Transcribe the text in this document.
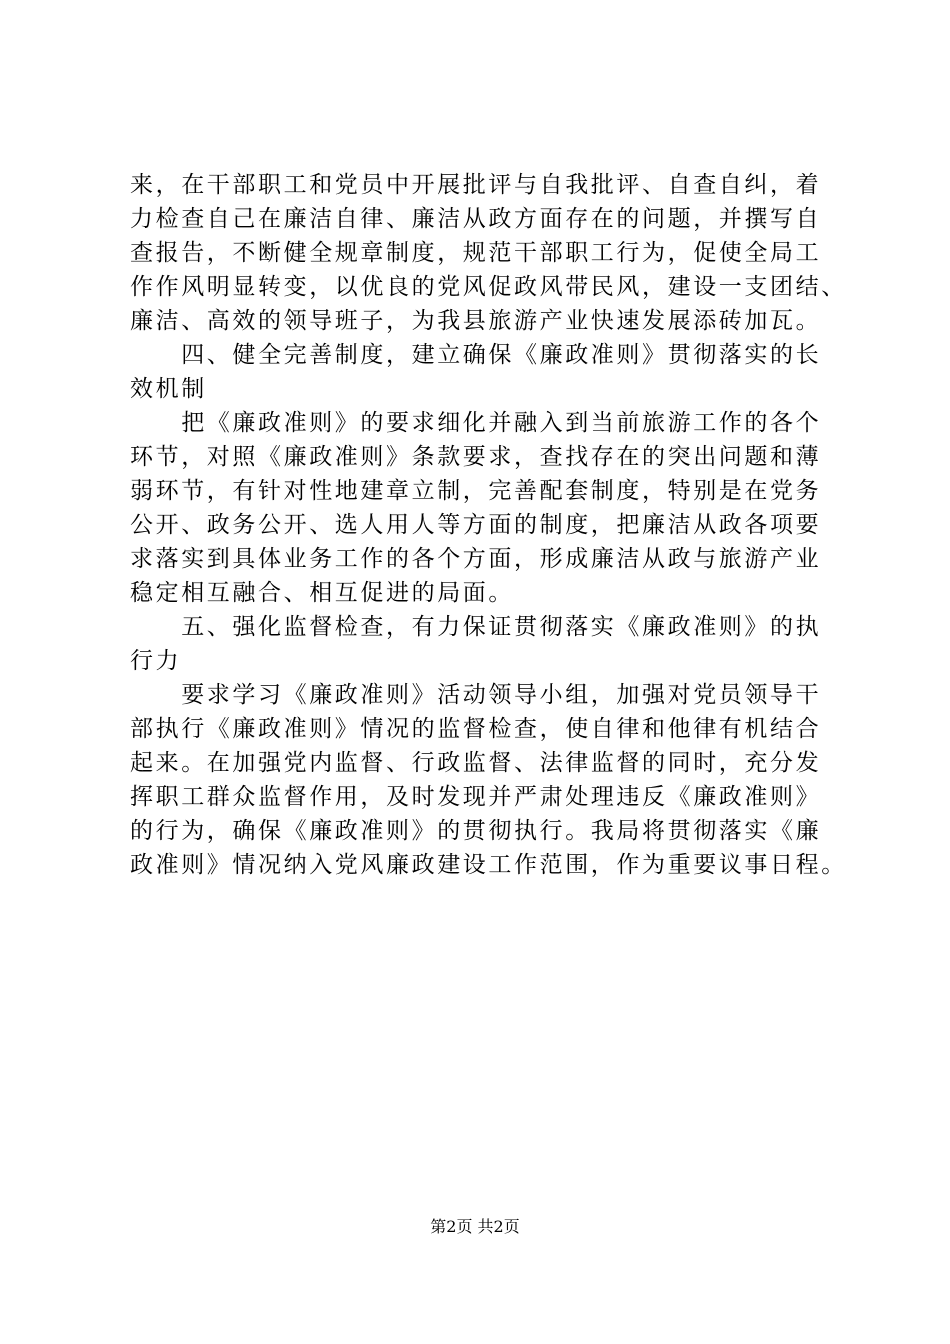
来，在干部职工和党员中开展批评与自我批评、自查自纠，着
力检查自己在廉洁自律、廉洁从政方面存在的问题，并撰写自
查报告，不断健全规章制度，规范干部职工行为，促使全局工
作作风明显转变，以优良的党风促政风带民风，建设一支团结、
廉洁、高效的领导班子，为我县旅游产业快速发展添砖加瓦。
　　四、健全完善制度，建立确保《廉政准则》贯彻落实的长
效机制
　　把《廉政准则》的要求细化并融入到当前旅游工作的各个
环节，对照《廉政准则》条款要求，查找存在的突出问题和薄
弱环节，有针对性地建章立制，完善配套制度，特别是在党务
公开、政务公开、选人用人等方面的制度，把廉洁从政各项要
求落实到具体业务工作的各个方面，形成廉洁从政与旅游产业
稳定相互融合、相互促进的局面。
　　五、强化监督检查，有力保证贯彻落实《廉政准则》的执
行力
　　要求学习《廉政准则》活动领导小组，加强对党员领导干
部执行《廉政准则》情况的监督检查，使自律和他律有机结合
起来。在加强党内监督、行政监督、法律监督的同时，充分发
挥职工群众监督作用，及时发现并严肃处理违反《廉政准则》
的行为，确保《廉政准则》的贯彻执行。我局将贯彻落实《廉
政准则》情况纳入党风廉政建设工作范围，作为重要议事日程。
第2页 共2页
